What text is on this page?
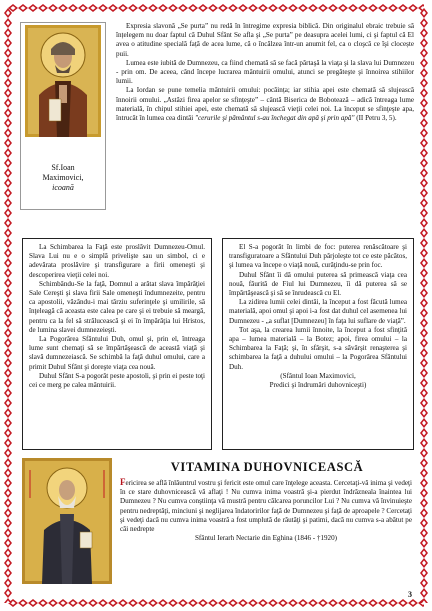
Sf.Ioan
Maximovici,
icoană

Expresia slavonă „Se purta” nu redă în întregime expresia biblică. Din originalul ebraic trebuie să înțelegem nu doar faptul că Duhul Sfânt Se afla şi „Se purta” pe deasupra acelei lumi, ci şi faptul că El avea o atitudine specială față de acea lume, că o încălzea într-un anumit fel, ca o cloşcă ce îşi clocește puii.

Lumea este iubită de Dumnezeu, ca fiind chemată să se facă părtaşă la viaţa şi la slava lui Dumnezeu - prin om. De aceea, când începe lucrarea mântuirii omului, atunci se pregăteşte şi înnoirea stihiilor lumii.

La Iordan se pune temelia mântuirii omului: pocăința; iar stihia apei este chemată să slujească înnoirii omului. „Astăzi firea apelor se sfințeşte” – cântă Biserica de Bobotează – adică întreaga lume materială, în chipul stihiei apei, este chemată să slujească vieţii celei noi. La început se sfinţeşte apa, întrucât în lumea cea dintâi "cerurile şi pământul s-au închegat din apă şi prin apă" (II Petru 3, 5).

La Schimbarea la Faţă este proslăvit Dumnezeu-Omul. Slava Lui nu e o simplă privelişte sau un simbol, ci e adevărata proslăvire şi transfigurare a firii omeneşti şi descoperirea vieţii celei noi.

Schimbându-Se la faţă, Domnul a arătat slava împărăţiei Sale Cereşti şi slava firii Sale omeneşti îndumnezeite, pentru ca apostolii, văzându-i mai târziu suferinţele şi umilirile, să înţeleagă că aceasta este calea pe care şi ei trebuie să meargă, pentru ca la fel să strălucească şi ei în împărăţia lui Hristos, de lumina slavei dumnezeieşti.

La Pogorârea Sfântului Duh, omul şi, prin el, întreaga lume sunt chemaţi să se împărtăşească de această viaţă şi slavă dumnezeiască. Se schimbă la faţă duhul omului, care a primit Duhul Sfânt şi doreşte viaţa cea nouă.

Duhul Sfânt S-a pogorât peste apostoli, şi prin ei peste toţi cei ce merg pe calea mântuirii.

El S-a pogorât în limbi de foc: puterea renăscătoare şi transfiguratoare a Sfântului Duh pârjoleşte tot ce este păcătos, şi lumea va începe o viaţă nouă, curăţindu-se prin foc.

Duhul Sfânt îi dă omului puterea să primească viaţa cea nouă, făurită de Fiul lui Dumnezeu, îi dă puterea să se împărtăşească şi să se înrudească cu El.

La zidirea lumii celei dintâi, la început a fost făcută lumea materială, apoi omul şi apoi i-a fost dat duhul cel asemenea lui Dumnezeu - „a suflat [Dumnezeu] în faţa lui suflare de viaţă”.

Tot aşa, la crearea lumii înnoite, la început a fost sfinţită apa – lumea materială – la Botez; apoi, firea omului – la Schimbarea la Faţă; şi, în sfârşit, s-a săvârşit renaşterea şi schimbarea la faţă a duhului omului – la Pogorârea Sfântului Duh.

(Sfântul Ioan Maximovici,

Predici şi îndrumări duhovniceşti)

VITAMINA DUHOVNICEASCĂ

Fericirea se află înlăuntrul vostru şi fericit este omul care înţelege aceasta. Cercetaţi-vă inima şi vedeţi în ce stare duhovnicească vă aflaţi ! Nu cumva inima voastră şi-a pierdut îndrăzneala înaintea lui Dumnezeu ? Nu cumva conştiinţa vă mustră pentru călcarea poruncilor Lui ? Nu cumva vă învinuieşte pentru nedreptăţi, minciuni şi neglijarea îndatoririlor faţă de Dumnezeu şi faţă de aproapele ? Cercetaţi şi vedeţi dacă nu cumva inima voastră a fost umplută de răutăţi şi patimi, dacă nu cumva s-a abătut pe căi nedrepte

Sfântul Ierarh Nectarie din Eghina (1846 - †1920)

3
